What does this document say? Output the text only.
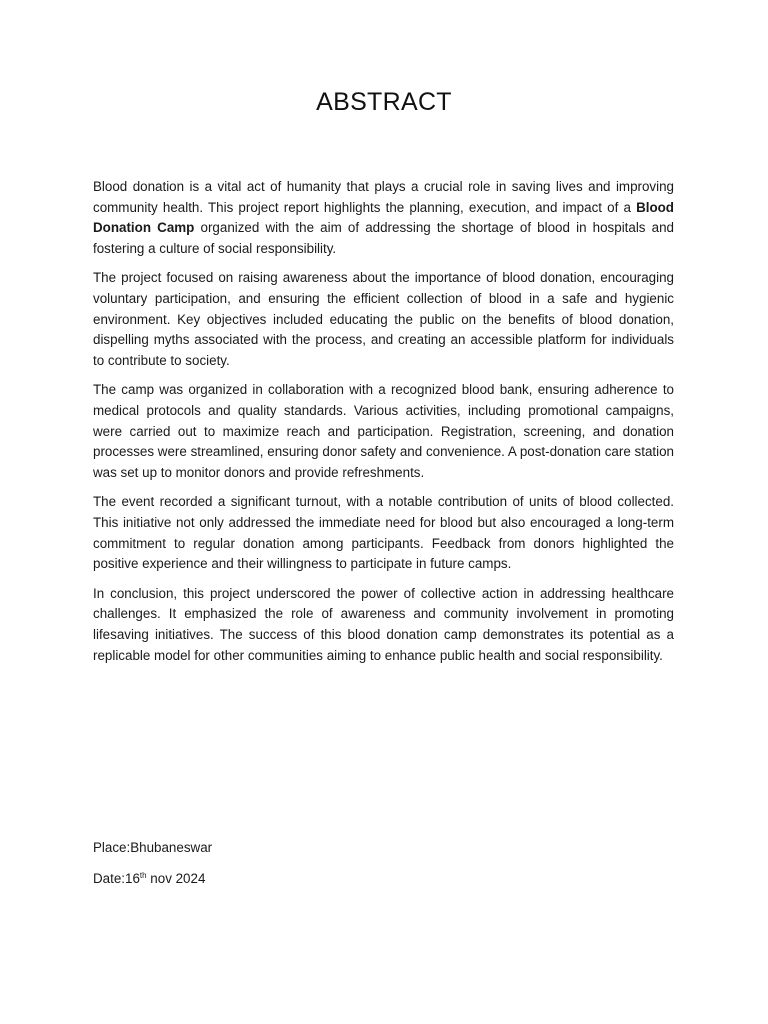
ABSTRACT

Blood donation is a vital act of humanity that plays a crucial role in saving lives and improving community health. This project report highlights the planning, execution, and impact of a Blood Donation Camp organized with the aim of addressing the shortage of blood in hospitals and fostering a culture of social responsibility.

The project focused on raising awareness about the importance of blood donation, encouraging voluntary participation, and ensuring the efficient collection of blood in a safe and hygienic environment. Key objectives included educating the public on the benefits of blood donation, dispelling myths associated with the process, and creating an accessible platform for individuals to contribute to society.

The camp was organized in collaboration with a recognized blood bank, ensuring adherence to medical protocols and quality standards. Various activities, including promotional campaigns, were carried out to maximize reach and participation. Registration, screening, and donation processes were streamlined, ensuring donor safety and convenience. A post-donation care station was set up to monitor donors and provide refreshments.

The event recorded a significant turnout, with a notable contribution of units of blood collected. This initiative not only addressed the immediate need for blood but also encouraged a long-term commitment to regular donation among participants. Feedback from donors highlighted the positive experience and their willingness to participate in future camps.

In conclusion, this project underscored the power of collective action in addressing healthcare challenges. It emphasized the role of awareness and community involvement in promoting lifesaving initiatives. The success of this blood donation camp demonstrates its potential as a replicable model for other communities aiming to enhance public health and social responsibility.

Place:Bhubaneswar

Date:16th nov 2024
